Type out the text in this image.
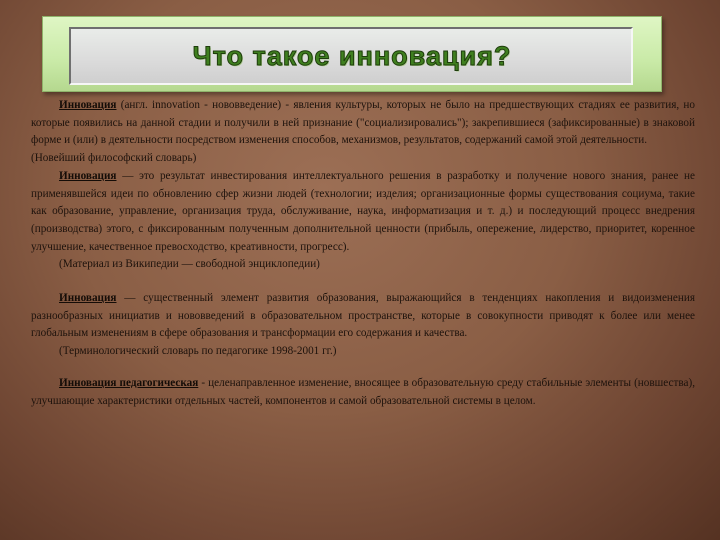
Что такое инновация?

Инновация (англ. innovation - нововведение) - явления культуры, которых не было на предшествующих стадиях ее развития, но которые появились на данной стадии и получили в ней признание ("социализировались"); закрепившиеся (зафиксированные) в знаковой форме и (или) в деятельности посредством изменения способов, механизмов, результатов, содержаний самой этой деятельности.

(Новейший философский словарь)

Инновация — это результат инвестирования интеллектуального решения в разработку и получение нового знания, ранее не применявшейся идеи по обновлению сфер жизни людей (технологии; изделия; организационные формы существования социума, такие как образование, управление, организация труда, обслуживание, наука, информатизация и т. д.) и последующий процесс внедрения (производства) этого, с фиксированным полученным дополнительной ценности (прибыль, опережение, лидерство, приоритет, коренное улучшение, качественное превосходство, креативности, прогресс).

(Материал из Википедии — свободной энциклопедии)

Инновация — существенный элемент развития образования, выражающийся в тенденциях накопления и видоизменения разнообразных инициатив и нововведений в образовательном пространстве, которые в совокупности приводят к более или менее глобальным изменениям в сфере образования и трансформации его содержания и качества.

(Терминологический словарь по педагогике 1998-2001 гг.)

Инновация педагогическая - целенаправленное изменение, вносящее в образовательную среду стабильные элементы (новшества), улучшающие характеристики отдельных частей, компонентов и самой образовательной системы в целом.
